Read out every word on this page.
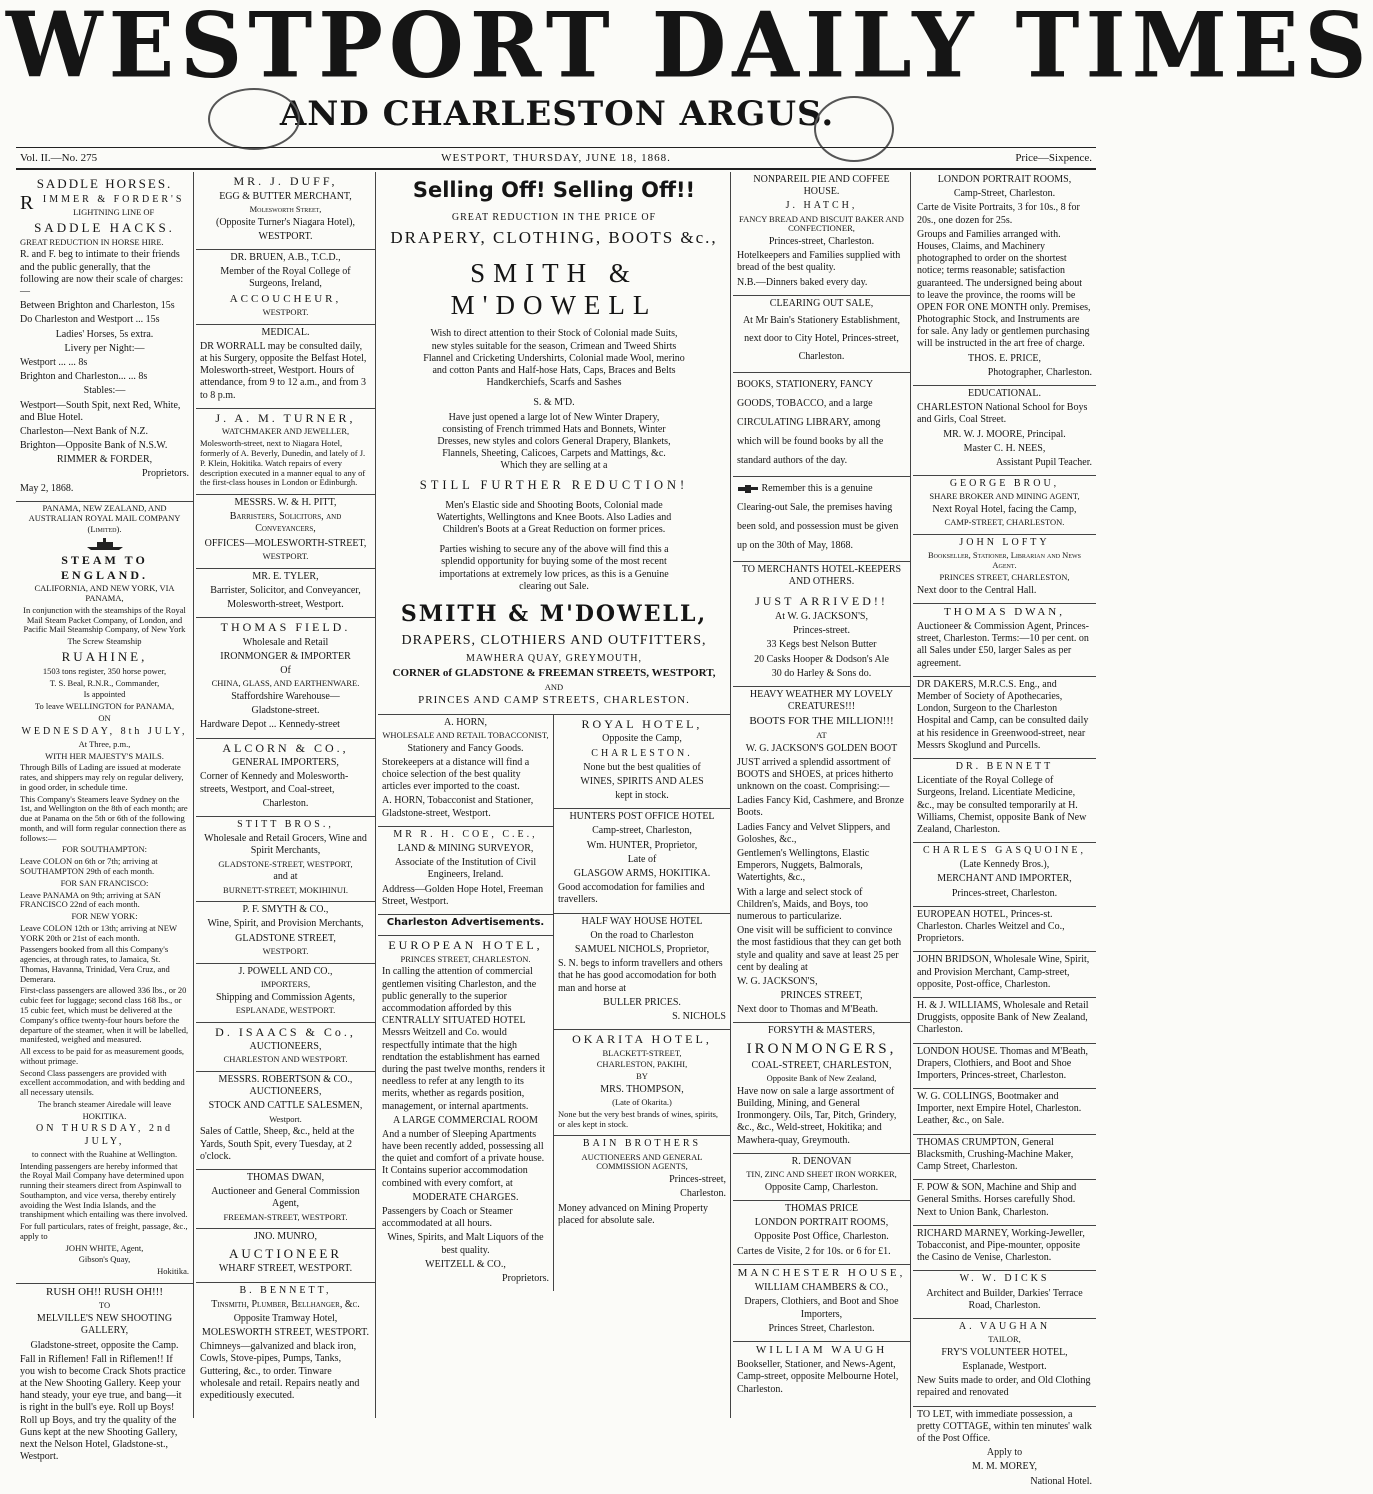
WESTPORT DAILY TIMES
AND CHARLESTON ARGUS.
Vol. II.—No. 275	WESTPORT, THURSDAY, JUNE 18, 1868.	Price—Sixpence.
SADDLE HORSES.

RIMMER & FORDER'S

LIGHTNING LINE OF

SADDLE HACKS.

GREAT REDUCTION IN HORSE HIRE.

R. and F. beg to intimate to their friends and the public generally, that the following are now their scale of charges:—

Between Brighton and Charleston, 15s

Do Charleston and Westport ... 15s

Ladies' Horses, 5s extra.

Livery per Night:—

Westport ... ... 8s

Brighton and Charleston... ... 8s

Stables:—

Westport—South Spit, next Red, White, and Blue Hotel.

Charleston—Next Bank of N.Z.

Brighton—Opposite Bank of N.S.W.

RIMMER & FORDER,

Proprietors.

May 2, 1868.

PANAMA, NEW ZEALAND, AND AUSTRALIAN ROYAL MAIL COMPANY

(Limited).

STEAM TO ENGLAND.

CALIFORNIA, AND NEW YORK, VIA PANAMA,

In conjunction with the steamships of the Royal Mail Steam Packet Company, of London, and Pacific Mail Steamship Company, of New York

The Screw Steamship

RUAHINE,

1503 tons register, 350 horse power,

T. S. Beal, R.N.R., Commander,

Is appointed

To leave WELLINGTON for PANAMA,

ON

WEDNESDAY, 8th JULY,

At Three, p.m.,

WITH HER MAJESTY'S MAILS.

Through Bills of Lading are issued at moderate rates, and shippers may rely on regular delivery, in good order, in schedule time.

This Company's Steamers leave Sydney on the 1st, and Wellington on the 8th of each month; are due at Panama on the 5th or 6th of the following month, and will form regular connection there as follows:—

FOR SOUTHAMPTON:

Leave COLON on 6th or 7th; arriving at SOUTHAMPTON 29th of each month.

FOR SAN FRANCISCO:

Leave PANAMA on 9th; arriving at SAN FRANCISCO 22nd of each month.

FOR NEW YORK:

Leave COLON 12th or 13th; arriving at NEW YORK 20th or 21st of each month.

Passengers booked from all this Company's agencies, at through rates, to Jamaica, St. Thomas, Havanna, Trinidad, Vera Cruz, and Demerara.

First-class passengers are allowed 336 lbs., or 20 cubic feet for luggage; second class 168 lbs., or 15 cubic feet, which must be delivered at the Company's office twenty-four hours before the departure of the steamer, when it will be labelled, manifested, weighed and measured.

All excess to be paid for as measurement goods, without primage.

Second Class passengers are provided with excellent accommodation, and with bedding and all necessary utensils.

The branch steamer Airedale will leave

HOKITIKA.

ON THURSDAY, 2nd JULY,

to connect with the Ruahine at Wellington.

Intending passengers are hereby informed that the Royal Mail Company have determined upon running their steamers direct from Aspinwall to Southampton, and vice versa, thereby entirely avoiding the West India Islands, and the transhipment which entailing was there involved.

For full particulars, rates of freight, passage, &c., apply to

JOHN WHITE, Agent,

Gibson's Quay,

Hokitika.

RUSH OH!! RUSH OH!!!

TO

MELVILLE'S NEW SHOOTING GALLERY,

Gladstone-street, opposite the Camp.

Fall in Riflemen! Fall in Riflemen!! If you wish to become Crack Shots practice at the New Shooting Gallery. Keep your hand steady, your eye true, and bang—it is right in the bull's eye. Roll up Boys! Roll up Boys, and try the quality of the Guns kept at the new Shooting Gallery, next the Nelson Hotel, Gladstone-st., Westport.

MR. J. DUFF,

EGG & BUTTER MERCHANT,

Molesworth Street,

(Opposite Turner's Niagara Hotel),

WESTPORT.

DR. BRUEN, A.B., T.C.D.,

Member of the Royal College of Surgeons, Ireland,

ACCOUCHEUR,

WESTPORT.

MEDICAL.

DR WORRALL may be consulted daily, at his Surgery, opposite the Belfast Hotel, Molesworth-street, Westport. Hours of attendance, from 9 to 12 a.m., and from 3 to 8 p.m.

J. A. M. TURNER,

WATCHMAKER AND JEWELLER,

Molesworth-street, next to Niagara Hotel, formerly of A. Beverly, Dunedin, and lately of J. P. Klein, Hokitika. Watch repairs of every description executed in a manner equal to any of the first-class houses in London or Edinburgh.

MESSRS. W. & H. PITT,

Barristers, Solicitors, and Conveyancers,

OFFICES—MOLESWORTH-STREET,

WESTPORT.

MR. E. TYLER,

Barrister, Solicitor, and Conveyancer,

Molesworth-street, Westport.

THOMAS FIELD.

Wholesale and Retail

IRONMONGER & IMPORTER

Of

CHINA, GLASS, AND EARTHENWARE.

Staffordshire Warehouse—

Gladstone-street.

Hardware Depot ... Kennedy-street

ALCORN & CO.,

GENERAL IMPORTERS,

Corner of Kennedy and Molesworth-streets, Westport, and Coal-street,

Charleston.

STITT BROS.,

Wholesale and Retail Grocers, Wine and Spirit Merchants,

GLADSTONE-STREET, WESTPORT,

and at

BURNETT-STREET, MOKIHINUI.

P. F. SMYTH & CO.,

Wine, Spirit, and Provision Merchants,

GLADSTONE STREET,

WESTPORT.

J. POWELL AND CO.,

IMPORTERS,

Shipping and Commission Agents,

ESPLANADE, WESTPORT.

D. ISAACS & Co.,

AUCTIONEERS,

CHARLESTON AND WESTPORT.

MESSRS. ROBERTSON & CO., AUCTIONEERS,

STOCK AND CATTLE SALESMEN,

Westport.

Sales of Cattle, Sheep, &c., held at the Yards, South Spit, every Tuesday, at 2 o'clock.

THOMAS DWAN,

Auctioneer and General Commission Agent,

FREEMAN-STREET, WESTPORT.

JNO. MUNRO,

AUCTIONEER

WHARF STREET, WESTPORT.

B. BENNETT,

Tinsmith, Plumber, Bellhanger, &c.

Opposite Tramway Hotel,

MOLESWORTH STREET, WESTPORT.

Chimneys—galvanized and black iron, Cowls, Stove-pipes, Pumps, Tanks, Guttering, &c., to order. Tinware wholesale and retail. Repairs neatly and expeditiously executed.

Selling Off! Selling Off!!

GREAT REDUCTION IN THE PRICE OF

DRAPERY, CLOTHING, BOOTS &c.,
SMITH & M'DOWELL

Wish to direct attention to their Stock of Colonial made Suits, new styles suitable for the season, Crimean and Tweed Shirts Flannel and Cricketing Undershirts, Colonial made Wool, merino and cotton Pants and Half-hose Hats, Caps, Braces and Belts Handkerchiefs, Scarfs and Sashes

S. & M'D.

Have just opened a large lot of New Winter Drapery, consisting of French trimmed Hats and Bonnets, Winter Dresses, new styles and colors General Drapery, Blankets, Flannels, Sheeting, Calicoes, Carpets and Mattings, &c. Which they are selling at a

STILL FURTHER REDUCTION!

Men's Elastic side and Shooting Boots, Colonial made Watertights, Wellingtons and Knee Boots. Also Ladies and Children's Boots at a Great Reduction on former prices.

Parties wishing to secure any of the above will find this a splendid opportunity for buying some of the most recent importations at extremely low prices, as this is a Genuine clearing out Sale.

SMITH & M'DOWELL,
DRAPERS, CLOTHIERS AND OUTFITTERS,

MAWHERA QUAY, GREYMOUTH,

CORNER of GLADSTONE & FREEMAN STREETS, WESTPORT,

AND

PRINCES AND CAMP STREETS, CHARLESTON.

A. HORN,

WHOLESALE AND RETAIL TOBACCONIST,

Stationery and Fancy Goods.

Storekeepers at a distance will find a choice selection of the best quality articles ever imported to the coast.

A. HORN, Tobacconist and Stationer, Gladstone-street, Westport.

MR R. H. COE, C.E.,

LAND & MINING SURVEYOR,

Associate of the Institution of Civil Engineers, Ireland.

Address—Golden Hope Hotel, Freeman Street, Westport.

Charleston Advertisements.

EUROPEAN HOTEL,

PRINCES STREET, CHARLESTON.

In calling the attention of commercial gentlemen visiting Charleston, and the public generally to the superior accommodation afforded by this CENTRALLY SITUATED HOTEL Messrs Weitzell and Co. would respectfully intimate that the high rendtation the establishment has earned during the past twelve months, renders it needless to refer at any length to its merits, whether as regards position, management, or internal apartments.

A LARGE COMMERCIAL ROOM

And a number of Sleeping Apartments have been recently added, possessing all the quiet and comfort of a private house. It Contains superior accommodation combined with every comfort, at

MODERATE CHARGES.

Passengers by Coach or Steamer accommodated at all hours.

Wines, Spirits, and Malt Liquors of the best quality.

WEITZELL & CO.,

Proprietors.

ROYAL HOTEL,

Opposite the Camp,

CHARLESTON.

None but the best qualities of

WINES, SPIRITS AND ALES

kept in stock.

HUNTERS POST OFFICE HOTEL

Camp-street, Charleston,

Wm. HUNTER, Proprietor,

Late of

GLASGOW ARMS, HOKITIKA.

Good accomodation for families and travellers.

HALF WAY HOUSE HOTEL

On the road to Charleston

SAMUEL NICHOLS, Proprietor,

S. N. begs to inform travellers and others that he has good accomodation for both man and horse at

BULLER PRICES.

S. NICHOLS

OKARITA HOTEL,

BLACKETT-STREET,

CHARLESTON, PAKIHI,

BY

MRS. THOMPSON,

(Late of Okarita.)

None but the very best brands of wines, spirits, or ales kept in stock.

BAIN BROTHERS

AUCTIONEERS AND GENERAL COMMISSION AGENTS,

Princes-street,

Charleston.

Money advanced on Mining Property placed for absolute sale.

NONPAREIL PIE AND COFFEE HOUSE.

J. HATCH,

FANCY BREAD AND BISCUIT BAKER AND CONFECTIONER,

Princes-street, Charleston.

Hotelkeepers and Families supplied with bread of the best quality.

N.B.—Dinners baked every day.

CLEARING OUT SALE,

At Mr Bain's Stationery Establishment, next door to City Hotel, Princes-street, Charleston.

BOOKS, STATIONERY, FANCY GOODS, TOBACCO, and a large CIRCULATING LIBRARY, among which will be found books by all the standard authors of the day.

Remember this is a genuine Clearing-out Sale, the premises having been sold, and possession must be given up on the 30th of May, 1868.

TO MERCHANTS HOTEL-KEEPERS AND OTHERS.

JUST ARRIVED!!

At W. G. JACKSON'S,

Princes-street.

33 Kegs best Nelson Butter

20 Casks Hooper & Dodson's Ale

30 do Harley & Sons do.

HEAVY WEATHER MY LOVELY CREATURES!!!

BOOTS FOR THE MILLION!!!

AT

W. G. JACKSON'S GOLDEN BOOT

JUST arrived a splendid assortment of BOOTS and SHOES, at prices hitherto unknown on the coast. Comprising:—

Ladies Fancy Kid, Cashmere, and Bronze Boots.

Ladies Fancy and Velvet Slippers, and Goloshes, &c.,

Gentlemen's Wellingtons, Elastic Emperors, Nuggets, Balmorals, Watertights, &c.,

With a large and select stock of Children's, Maids, and Boys, too numerous to particularize.

One visit will be sufficient to convince the most fastidious that they can get both style and quality and save at least 25 per cent by dealing at

W. G. JACKSON'S,

PRINCES STREET,

Next door to Thomas and M'Beath.

FORSYTH & MASTERS,

IRONMONGERS,

COAL-STREET, CHARLESTON,

Opposite Bank of New Zealand,

Have now on sale a large assortment of Building, Mining, and General Ironmongery. Oils, Tar, Pitch, Grindery, &c., &c., Weld-street, Hokitika; and Mawhera-quay, Greymouth.

R. DENOVAN

TIN, ZINC AND SHEET IRON WORKER,

Opposite Camp, Charleston.

THOMAS PRICE

LONDON PORTRAIT ROOMS,

Opposite Post Office, Charleston.

Cartes de Visite, 2 for 10s. or 6 for £1.

MANCHESTER HOUSE,

WILLIAM CHAMBERS & CO.,

Drapers, Clothiers, and Boot and Shoe Importers,

Princes Street, Charleston.

WILLIAM WAUGH

Bookseller, Stationer, and News-Agent, Camp-street, opposite Melbourne Hotel, Charleston.

LONDON PORTRAIT ROOMS,

Camp-Street, Charleston.

Carte de Visite Portraits, 3 for 10s., 8 for 20s., one dozen for 25s.

Groups and Families arranged with. Houses, Claims, and Machinery photographed to order on the shortest notice; terms reasonable; satisfaction guaranteed. The undersigned being about to leave the province, the rooms will be OPEN FOR ONE MONTH only. Premises, Photographic Stock, and Instruments are for sale. Any lady or gentlemen purchasing will be instructed in the art free of charge.

THOS. E. PRICE,

Photographer, Charleston.

EDUCATIONAL.

CHARLESTON National School for Boys and Girls, Coal Street.

MR. W. J. MOORE, Principal.

Master C. H. NEES,

Assistant Pupil Teacher.

GEORGE BROU,

SHARE BROKER AND MINING AGENT,

Next Royal Hotel, facing the Camp,

CAMP-STREET, CHARLESTON.

JOHN LOFTY

Bookseller, Stationer, Librarian and News Agent.

PRINCES STREET, CHARLESTON,

Next door to the Central Hall.

THOMAS DWAN,

Auctioneer & Commission Agent, Princes-street, Charleston. Terms:—10 per cent. on all Sales under £50, larger Sales as per agreement.

DR DAKERS, M.R.C.S. Eng., and Member of Society of Apothecaries, London, Surgeon to the Charleston Hospital and Camp, can be consulted daily at his residence in Greenwood-street, near Messrs Skoglund and Purcells.

DR. BENNETT

Licentiate of the Royal College of Surgeons, Ireland. Licentiate Medicine, &c., may be consulted temporarily at H. Williams, Chemist, opposite Bank of New Zealand, Charleston.

CHARLES GASQUOINE,

(Late Kennedy Bros.),

MERCHANT AND IMPORTER,

Princes-street, Charleston.

EUROPEAN HOTEL, Princes-st. Charleston. Charles Weitzel and Co., Proprietors.

JOHN BRIDSON, Wholesale Wine, Spirit, and Provision Merchant, Camp-street, opposite, Post-office, Charleston.

H. & J. WILLIAMS, Wholesale and Retail Druggists, opposite Bank of New Zealand, Charleston.

LONDON HOUSE. Thomas and M'Beath, Drapers, Clothiers, and Boot and Shoe Importers, Princes-street, Charleston.

W. G. COLLINGS, Bootmaker and Importer, next Empire Hotel, Charleston. Leather, &c., on Sale.

THOMAS CRUMPTON, General Blacksmith, Crushing-Machine Maker, Camp Street, Charleston.

F. POW & SON, Machine and Ship and General Smiths. Horses carefully Shod. Next to Union Bank, Charleston.

RICHARD MARNEY, Working-Jeweller, Tobacconist, and Pipe-mounter, opposite the Casino de Venise, Charleston.

W. W. DICKS

Architect and Builder, Darkies' Terrace Road, Charleston.

A. VAUGHAN

TAILOR,

FRY'S VOLUNTEER HOTEL,

Esplanade, Westport.

New Suits made to order, and Old Clothing repaired and renovated

TO LET, with immediate possession, a pretty COTTAGE, within ten minutes' walk of the Post Office.

Apply to

M. M. MOREY,

National Hotel.
